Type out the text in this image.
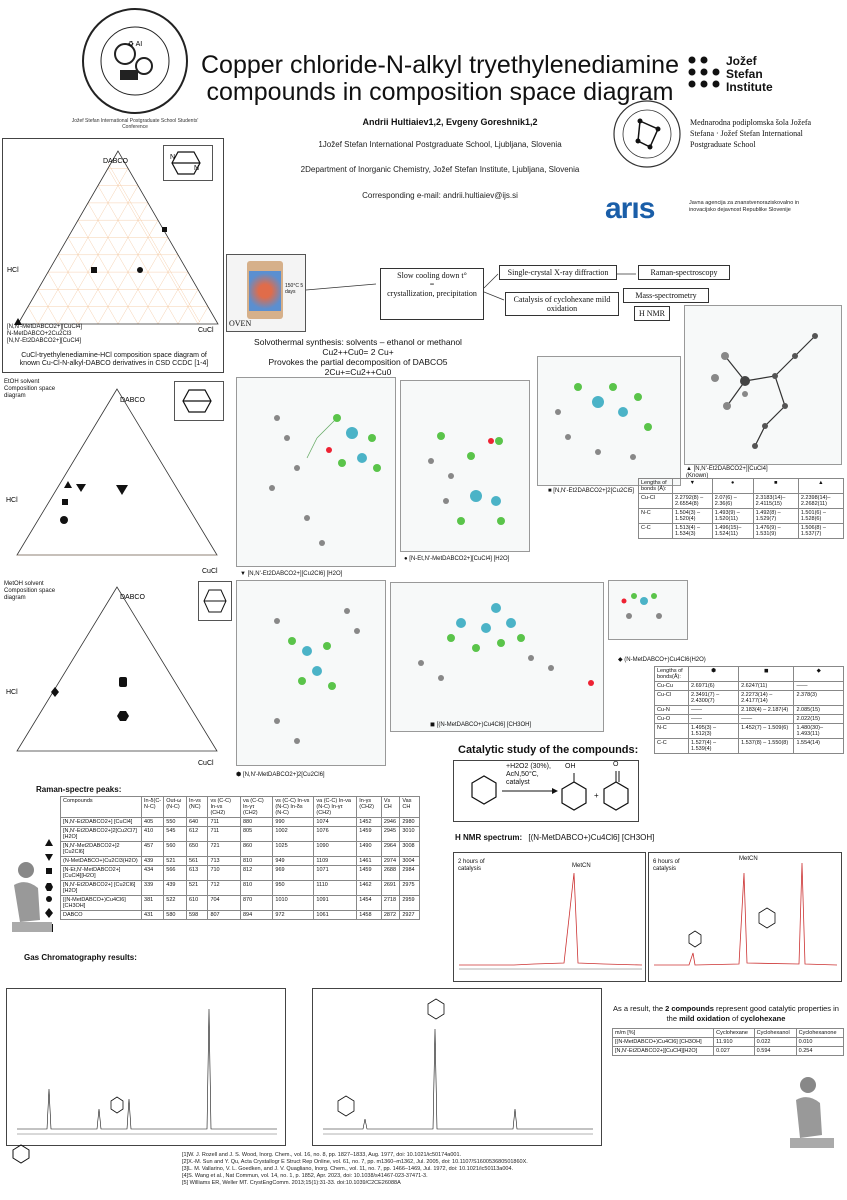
♻ AI
Jožef Stefan International Postgraduate School Students' Conference
Copper chloride-N-alkyl tryethylenediamine compounds in composition space diagram
Jožef Stefan Institute
Andrii Hultiaiev1,2, Evgeny Goreshnik1,2
1Jožef Stefan International Postgraduate School, Ljubljana, Slovenia
2Department of Inorganic Chemistry, Jožef Stefan Institute, Ljubljana, Slovenia
Corresponding e-mail: andrii.hultiaiev@ijs.si
Mednarodna podiplomska šola Jožefa Stefana · Jožef Stefan International Postgraduate School
arıs	Javna agencija za znanstvenoraziskovalno in inovacijsko dejavnost Republike Slovenije
DABCO
HCl
CuCl
N
N
[N,N'-MetDABCO2+][CuCl4]
N-MetDABCO+2Cu2Cl3
[N,N'-Et2DABCO2+][CuCl4]
CuCl-tryethylenediamine-HCl composition space diagram of known Cu-Cl-N-alkyl-DABCO derivatives in CSD CCDC [1-4]
150°C 5 days
OVEN
Slow cooling down t°
=
crystallization, precipitation
Single-crystal X-ray diffraction	Raman-spectroscopy
Catalysis of cyclohexane mild oxidation
Mass-spectrometry
H NMR
Solvothermal synthesis: solvents – ethanol or methanol
Cu2++Cu0= 2 Cu+
Provokes the partial decomposition of DABCO5
2Cu+=Cu2++Cu0
▲ [N,N'-Et2DABCO2+][CuCl4]
(Known)
EtOH solvent Composition space diagram
DABCO
HCl
CuCl	▼ [N,N'-Et2DABCO2+][Cu2Cl6] [H2O]
● [N-Et,N'-MetDABCO2+][CuCl4] [H2O]
■ [N,N'-Et2DABCO2+]2[Cu2Cl5]
Lengths of bonds (Å):	▼	●	■	▲
Cu-Cl	2.2792(8) – 2.6554(8)	2.07(6) – 2.36(6)	2.3183(14)– 2.4115(15)	2.2398(14)– 2.2682(11)
N-C	1.504(3) – 1.520(4)	1.493(9) – 1.520(11)	1.492(8) – 1.529(7)	1.501(6) – 1.528(6)
C-C	1.513(4) – 1.534(3)	1.496(15)– 1.524(11)	1.476(9) – 1.531(9)	1.506(8) – 1.537(7)
MetOH solvent Composition space diagram	DABCO
HCl
CuCl
⬢ [N,N'-MetDABCO2+]2[Cu2Cl6]
◼ [(N-MetDABCO+)Cu4Cl6] [CH3OH]
◆ (N-MetDABCO+)Cu4Cl6(H2O)
Lengths of bonds(Å):	⬢	◼	◆
Cu-Cu	2.6971(6)	2.6247(11)	——
Cu-Cl	2.3491(7) – 2.4300(7)	2.2273(14) – 2.4177(14)	2.378(3)
Cu-N	——	2.183(4) – 2.187(4)	2.085(15)
Cu-O	——	——	2.022(15)
N-C	1.495(3) – 1.512(3)	1.452(7) – 1.509(6)	1.480(30)– 1.493(11)
C-C	1.527(4) – 1.539(4)	1.537(8) – 1.550(8)	1.554(14)
Catalytic study of the compounds:
+H2O2 (30%), AcN,50°C, catalyst
OH	O
+
Raman-spectre peaks:
Compounds	In-δ(C-N-C)	Out-ω (N-C)	In-νs (NC)	νs (C-C) In-νs (CH2)	νa (C-C) In-γτ (CH2)	νs (C-C) In-νs (N-C) In-δs (N-C)	νa (C-C) In-νa (N-C) In-γτ (CH2)	In-γs (CH2)	Vs CH	Vas CH
[N,N'-Et2DABCO2+] [CuCl4]	405	550	640	711	880	990	1074	1452	2946	2980
[N,N'-Et2DABCO2+]2[Cu2Cl7] [H2O]	410	545	612	711	805	1002	1076	1459	2945	3010
[N,N'-Met2DABCO2+]2 [Cu2Cl6]	457	560	650	721	860	1025	1090	1490	2964	3008
(N-MetDABCO+)Cu2Cl3(H2O)	439	521	561	713	810	949	1109	1461	2974	3004
[N-Et,N'-MetDABCO2+] [CuCl4][H2O]	434	566	613	710	812	969	1071	1459	2688	2984
[N,N'-Et2DABCO2+] [Cu2Cl6][H2O]	339	439	521	712	810	950	1110	1462	2691	2975
[(N-MetDABCO+)Cu4Cl6] [CH3OH]	381	522	610	704	870	1010	1091	1454	2718	2959
DABCO	431	580	598	807	894	972	1061	1458	2872	2927
H NMR spectrum: [(N-MetDABCO+)Cu4Cl6] [CH3OH]
2 hours of catalysis	MetCN
6 hours of catalysis
MetCN
Gas Chromatography results:
As a result, the 2 compounds represent good catalytic properties in the mild oxidation of cyclohexane
m/m [%]	Cyclohexane	Cyclohexanol	Cyclohexanone
[(N-MetDABCO+)Cu4Cl6] [CH3OH]	11.910	0.022	0.010
[N,N'-Et2DABCO2+][CuCl4][H2O]	0.027	0.594	0.254
[1]W. J. Rozell and J. S. Wood, Inorg. Chem., vol. 16, no. 8, pp. 1827–1833, Aug. 1977, doi: 10.1021/ic50174a001.
[2]X.-M. Sun and Y. Qu, Acta Crystallogr E Struct Rep Online, vol. 61, no. 7, pp. m1360–m1362, Jul. 2005, doi: 10.1107/S160053680501860X.
[3]L. M. Vallarino, V. L. Goedken, and J. V. Quagliano, Inorg. Chem., vol. 11, no. 7, pp. 1466–1469, Jul. 1972, doi: 10.1021/ic50113a004.
[4]S. Wang et al., Nat Commun, vol. 14, no. 1, p. 1852, Apr. 2023, doi: 10.1038/s41467-023-37471-3.
[5] Williams ER, Weller MT. CrystEngComm. 2013;15(1):31-33. doi:10.1039/C2CE26088A
